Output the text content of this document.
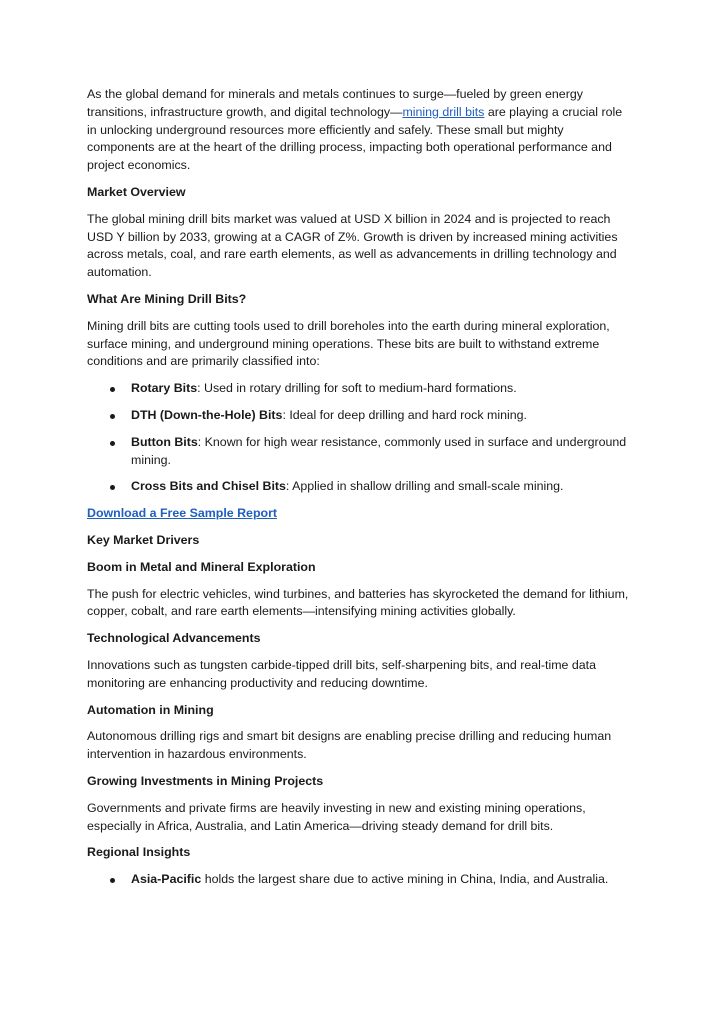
As the global demand for minerals and metals continues to surge—fueled by green energy transitions, infrastructure growth, and digital technology—mining drill bits are playing a crucial role in unlocking underground resources more efficiently and safely. These small but mighty components are at the heart of the drilling process, impacting both operational performance and project economics.

Market Overview

The global mining drill bits market was valued at USD X billion in 2024 and is projected to reach USD Y billion by 2033, growing at a CAGR of Z%. Growth is driven by increased mining activities across metals, coal, and rare earth elements, as well as advancements in drilling technology and automation.

What Are Mining Drill Bits?

Mining drill bits are cutting tools used to drill boreholes into the earth during mineral exploration, surface mining, and underground mining operations. These bits are built to withstand extreme conditions and are primarily classified into:

Rotary Bits: Used in rotary drilling for soft to medium-hard formations.
DTH (Down-the-Hole) Bits: Ideal for deep drilling and hard rock mining.
Button Bits: Known for high wear resistance, commonly used in surface and underground mining.
Cross Bits and Chisel Bits: Applied in shallow drilling and small-scale mining.

Download a Free Sample Report

Key Market Drivers

Boom in Metal and Mineral Exploration

The push for electric vehicles, wind turbines, and batteries has skyrocketed the demand for lithium, copper, cobalt, and rare earth elements—intensifying mining activities globally.

Technological Advancements

Innovations such as tungsten carbide-tipped drill bits, self-sharpening bits, and real-time data monitoring are enhancing productivity and reducing downtime.

Automation in Mining

Autonomous drilling rigs and smart bit designs are enabling precise drilling and reducing human intervention in hazardous environments.

Growing Investments in Mining Projects

Governments and private firms are heavily investing in new and existing mining operations, especially in Africa, Australia, and Latin America—driving steady demand for drill bits.

Regional Insights

Asia-Pacific holds the largest share due to active mining in China, India, and Australia.
